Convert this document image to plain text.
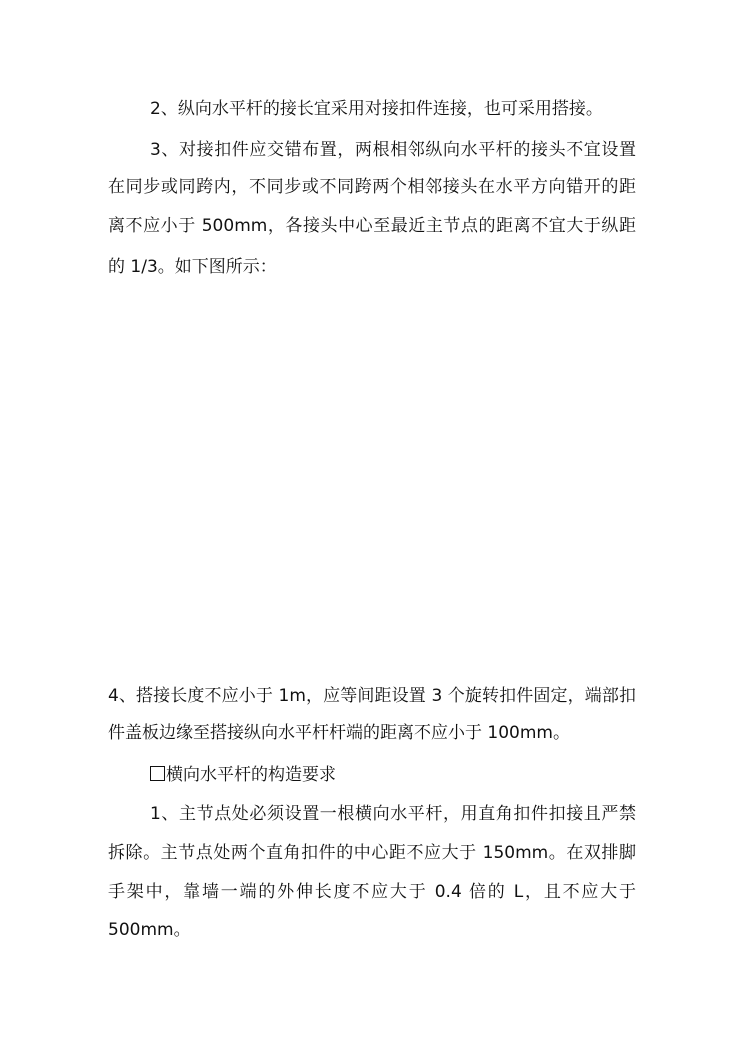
2、纵向水平杆的接长宜采用对接扣件连接，也可采用搭接。
3、对接扣件应交错布置，两根相邻纵向水平杆的接头不宜设置
在同步或同跨内，不同步或不同跨两个相邻接头在水平方向错开的距
离不应小于 500mm，各接头中心至最近主节点的距离不宜大于纵距
的 1/3。如下图所示：
4、搭接长度不应小于 1m，应等间距设置 3 个旋转扣件固定，端部扣
件盖板边缘至搭接纵向水平杆杆端的距离不应小于 100mm。
横向水平杆的构造要求
1、主节点处必须设置一根横向水平杆，用直角扣件扣接且严禁
拆除。主节点处两个直角扣件的中心距不应大于 150mm。在双排脚
手架中，靠墙一端的外伸长度不应大于 0.4 倍的 L，且不应大于
500mm。
